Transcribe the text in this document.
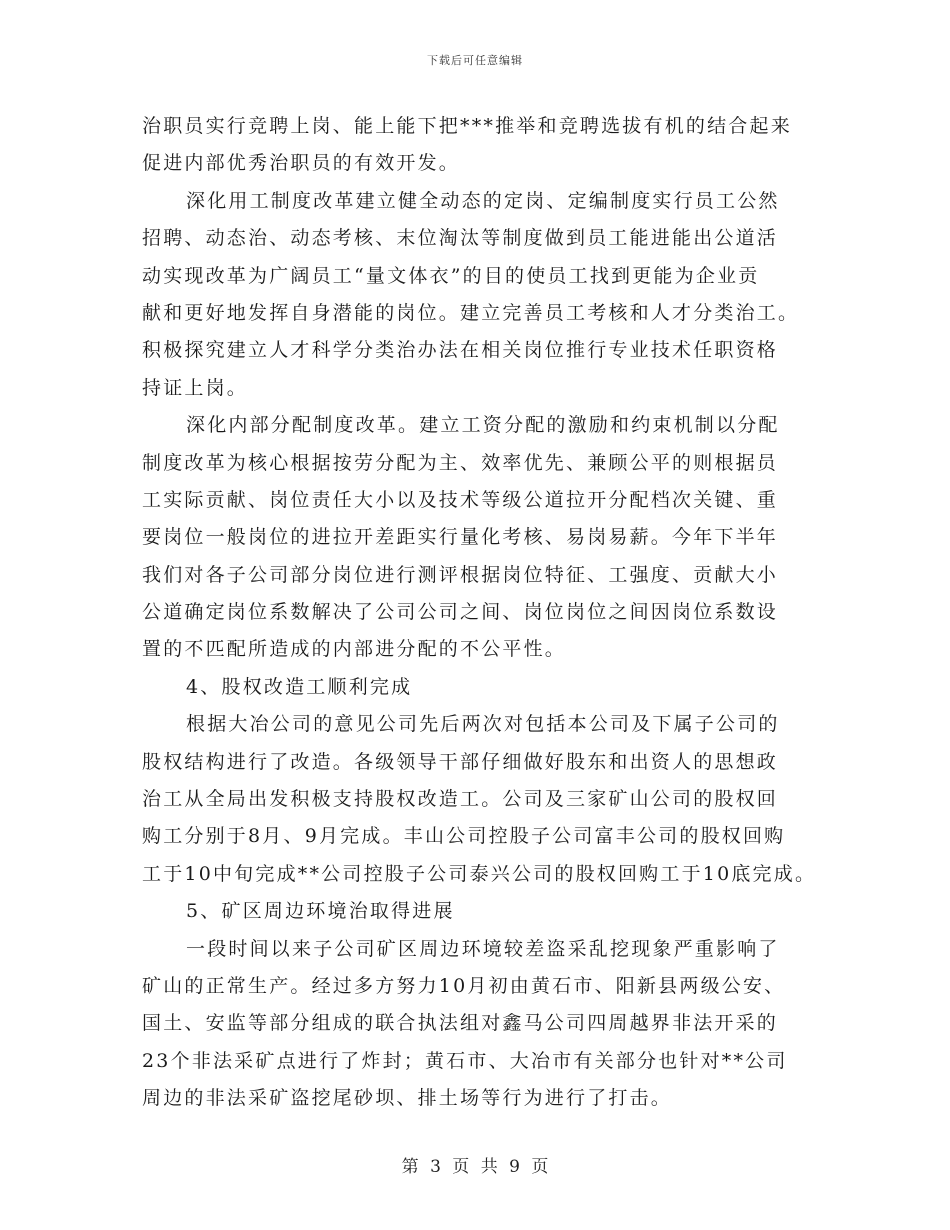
下载后可任意编辑
治职员实行竞聘上岗、能上能下把***推举和竞聘选拔有机的结合起来
促进内部优秀治职员的有效开发。
深化用工制度改革建立健全动态的定岗、定编制度实行员工公然
招聘、动态治、动态考核、末位淘汰等制度做到员工能进能出公道活
动实现改革为广阔员工“量文体衣”的目的使员工找到更能为企业贡
献和更好地发挥自身潜能的岗位。建立完善员工考核和人才分类治工。
积极探究建立人才科学分类治办法在相关岗位推行专业技术任职资格
持证上岗。
深化内部分配制度改革。建立工资分配的激励和约束机制以分配
制度改革为核心根据按劳分配为主、效率优先、兼顾公平的则根据员
工实际贡献、岗位责任大小以及技术等级公道拉开分配档次关键、重
要岗位一般岗位的进拉开差距实行量化考核、易岗易薪。今年下半年
我们对各子公司部分岗位进行测评根据岗位特征、工强度、贡献大小
公道确定岗位系数解决了公司公司之间、岗位岗位之间因岗位系数设
置的不匹配所造成的内部进分配的不公平性。
4、股权改造工顺利完成
根据大冶公司的意见公司先后两次对包括本公司及下属子公司的
股权结构进行了改造。各级领导干部仔细做好股东和出资人的思想政
治工从全局出发积极支持股权改造工。公司及三家矿山公司的股权回
购工分别于8月、9月完成。丰山公司控股子公司富丰公司的股权回购
工于10中旬完成**公司控股子公司泰兴公司的股权回购工于10底完成。
5、矿区周边环境治取得进展
一段时间以来子公司矿区周边环境较差盗采乱挖现象严重影响了
矿山的正常生产。经过多方努力10月初由黄石市、阳新县两级公安、
国土、安监等部分组成的联合执法组对鑫马公司四周越界非法开采的
23个非法采矿点进行了炸封；黄石市、大冶市有关部分也针对**公司
周边的非法采矿盗挖尾砂坝、排土场等行为进行了打击。
第 3 页 共 9 页
